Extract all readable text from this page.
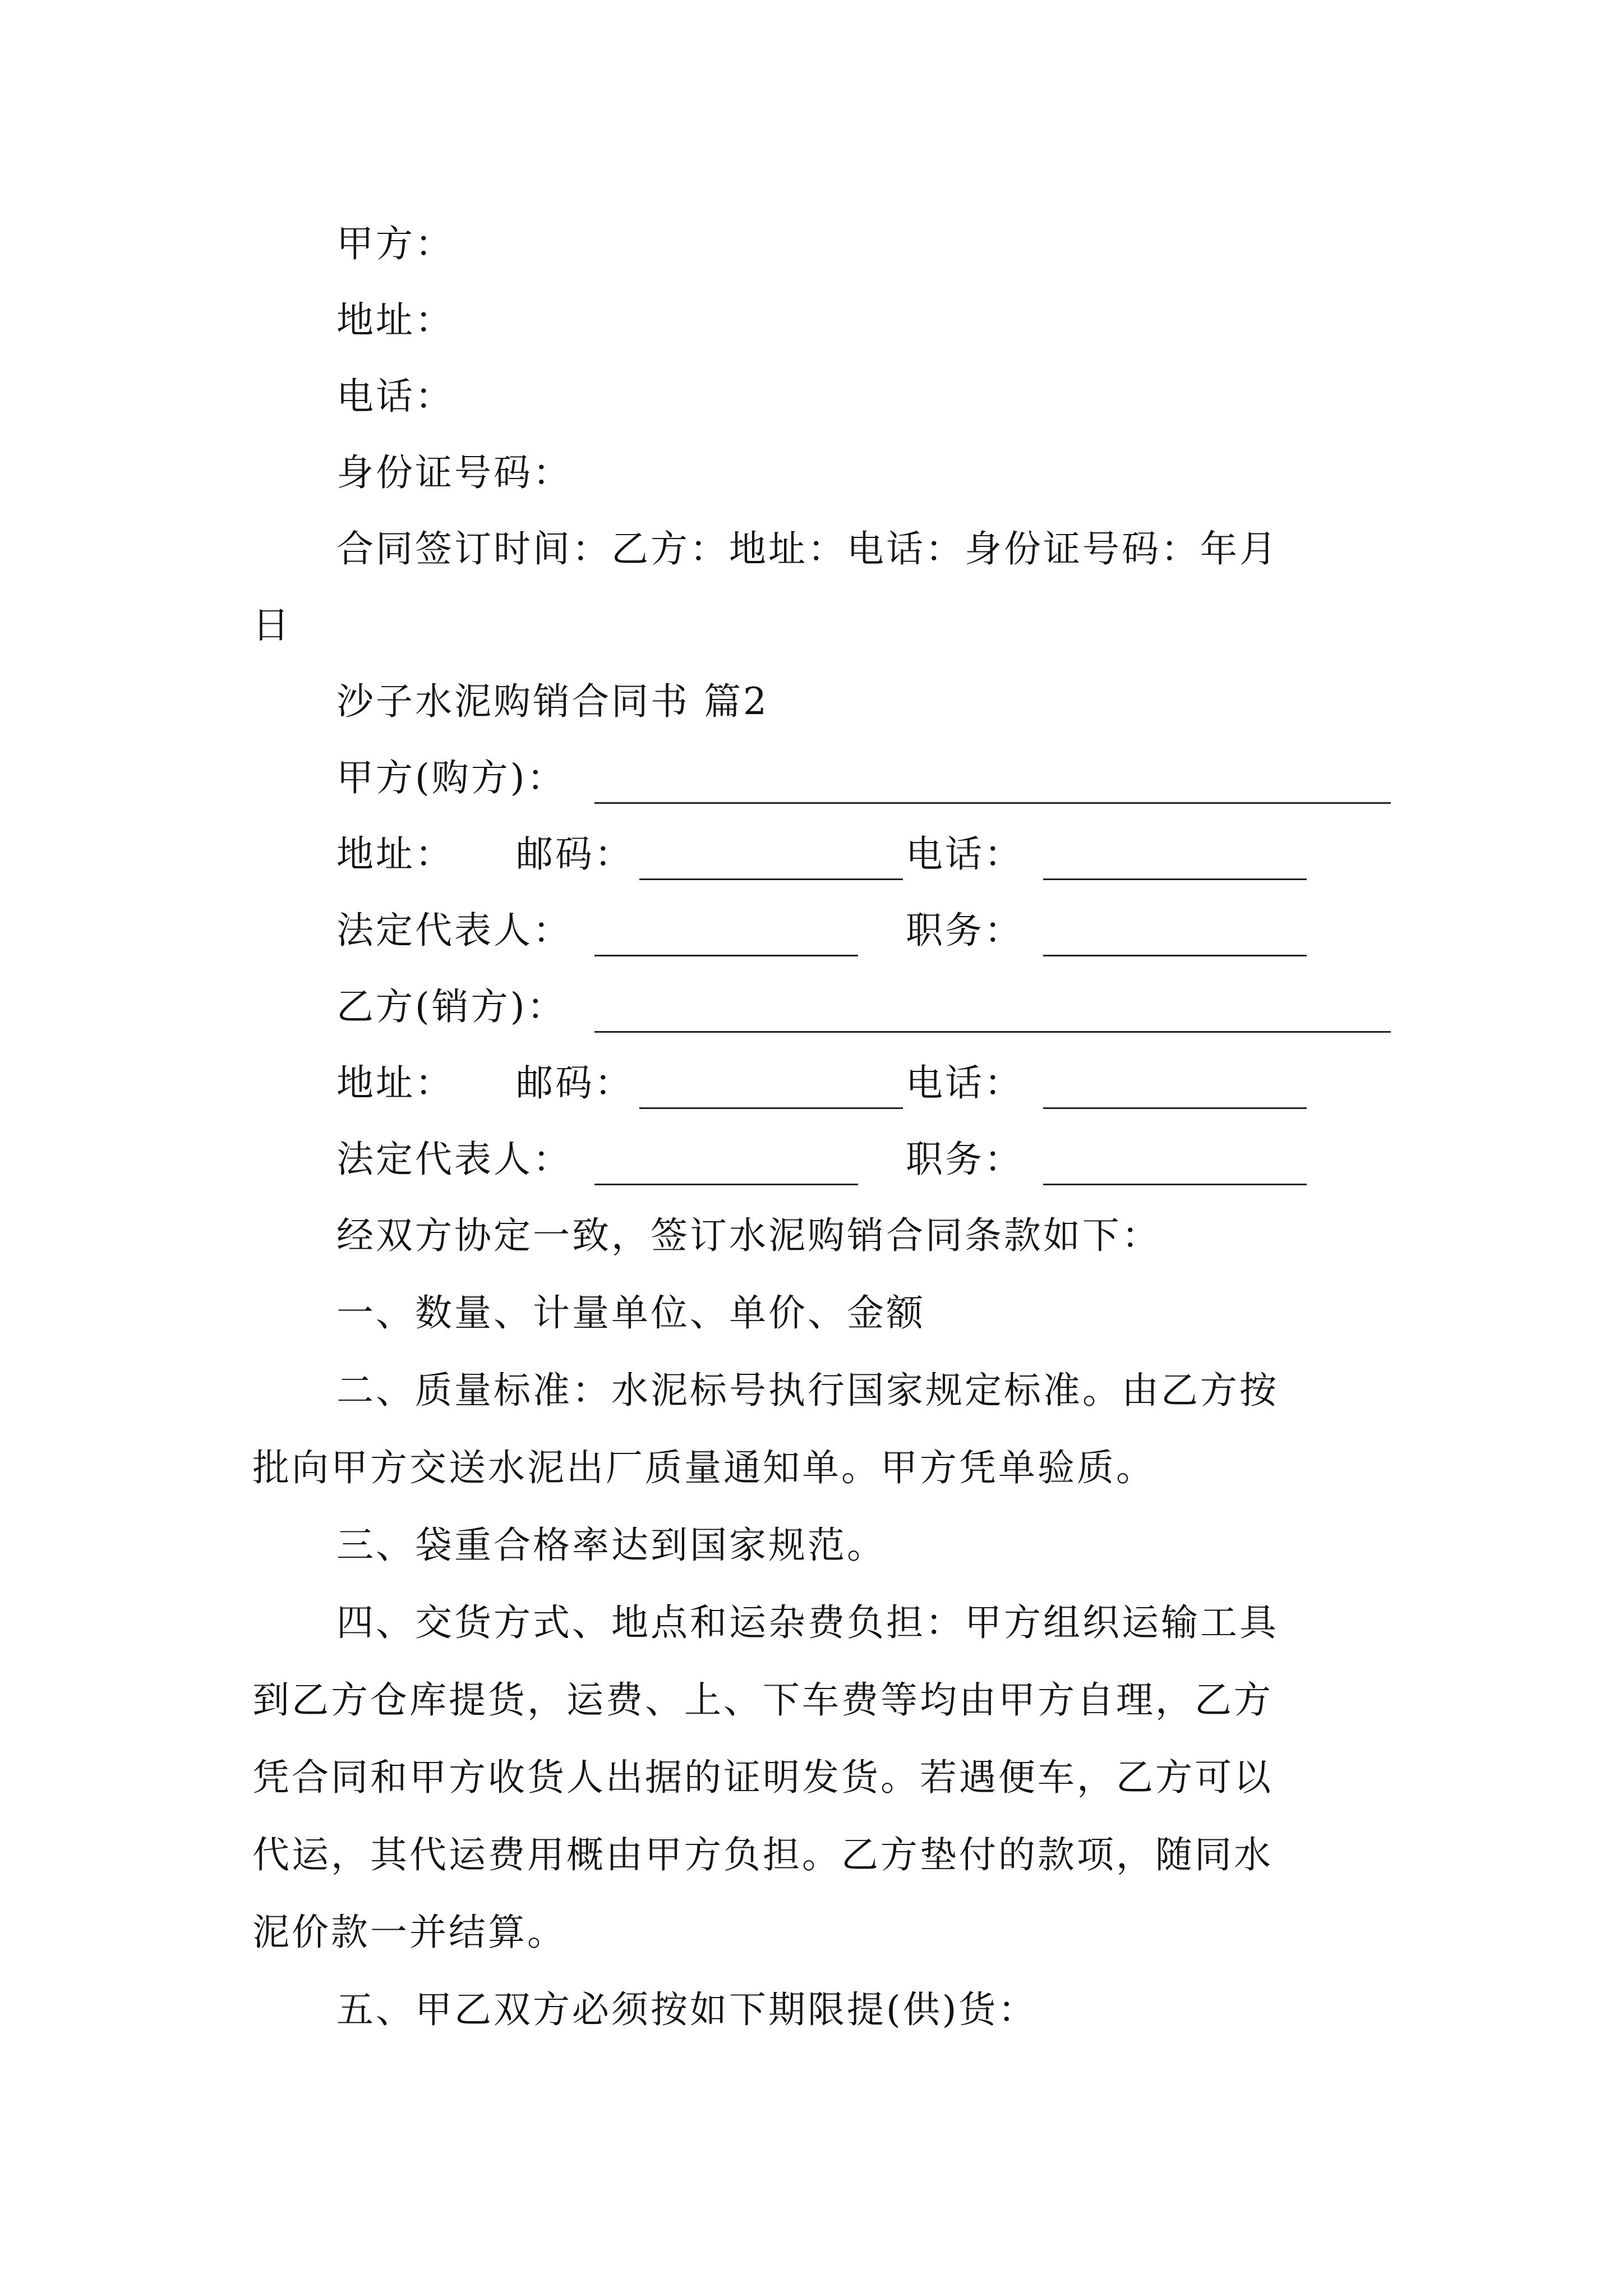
甲方：
地址：
电话：
身份证号码：
合同签订时间：乙方：地址：电话：身份证号码：年月
日
沙子水泥购销合同书 篇2
甲方(购方)：
地址： 邮码：	电话：
法定代表人：	职务：
乙方(销方)：
地址： 邮码：	电话：
法定代表人：	职务：
经双方协定一致，签订水泥购销合同条款如下：
一、数量、计量单位、单价、金额
二、质量标准：水泥标号执行国家规定标准。由乙方按
批向甲方交送水泥出厂质量通知单。甲方凭单验质。
三、袋重合格率达到国家规范。
四、交货方式、地点和运杂费负担：甲方组织运输工具
到乙方仓库提货，运费、上、下车费等均由甲方自理，乙方
凭合同和甲方收货人出据的证明发货。若遇便车，乙方可以
代运，其代运费用概由甲方负担。乙方垫付的款项，随同水
泥价款一并结算。
五、甲乙双方必须按如下期限提(供)货：
